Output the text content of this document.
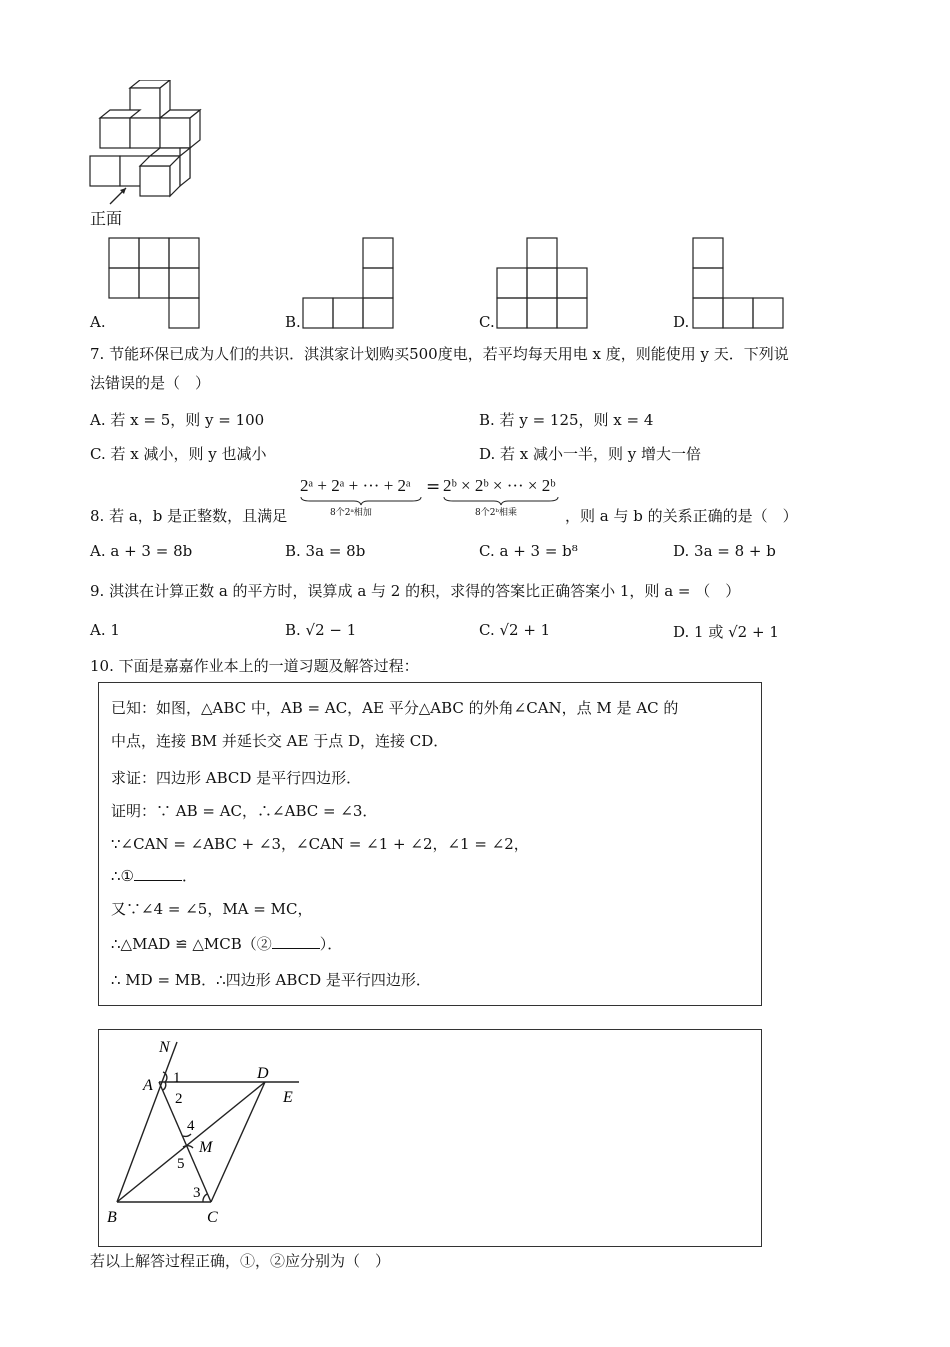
正面
A.	B.	C.	D.
7. 节能环保已成为人们的共识．淇淇家计划购买500度电，若平均每天用电 x 度，则能使用 y 天．下列说
法错误的是（　）
A. 若 x = 5，则 y = 100	B. 若 y = 125，则 x = 4
C. 若 x 减小，则 y 也减小	D. 若 x 减小一半，则 y 增大一倍
8. 若 a，b 是正整数，且满足
2ᵃ + 2ᵃ + ··· + 2ᵃ
8个2ᵃ相加
= 2ᵇ × 2ᵇ × ··· × 2ᵇ
8个2ᵇ相乘	，则 a 与 b 的关系正确的是（　）
A. a + 3 = 8b	B. 3a = 8b	C. a + 3 = b⁸	D. 3a = 8 + b
9. 淇淇在计算正数 a 的平方时，误算成 a 与 2 的积，求得的答案比正确答案小 1，则 a = （　）
A. 1	B. √2 − 1	C. √2 + 1	D. 1 或 √2 + 1
10. 下面是嘉嘉作业本上的一道习题及解答过程：
已知：如图，△ABC 中，AB = AC，AE 平分△ABC 的外角∠CAN，点 M 是 AC 的
中点，连接 BM 并延长交 AE 于点 D，连接 CD．
求证：四边形 ABCD 是平行四边形．
证明：∵ AB = AC，∴∠ABC = ∠3．
∵∠CAN = ∠ABC + ∠3，∠CAN = ∠1 + ∠2，∠1 = ∠2，
∴①	．
又∵∠4 = ∠5，MA = MC，
∴△MAD ≌ △MCB（②	）．
∴ MD = MB．∴四边形 ABCD 是平行四边形．
N
A
D
E
B	C
M
1
2
3
4
5
若以上解答过程正确，①，②应分别为（　）
